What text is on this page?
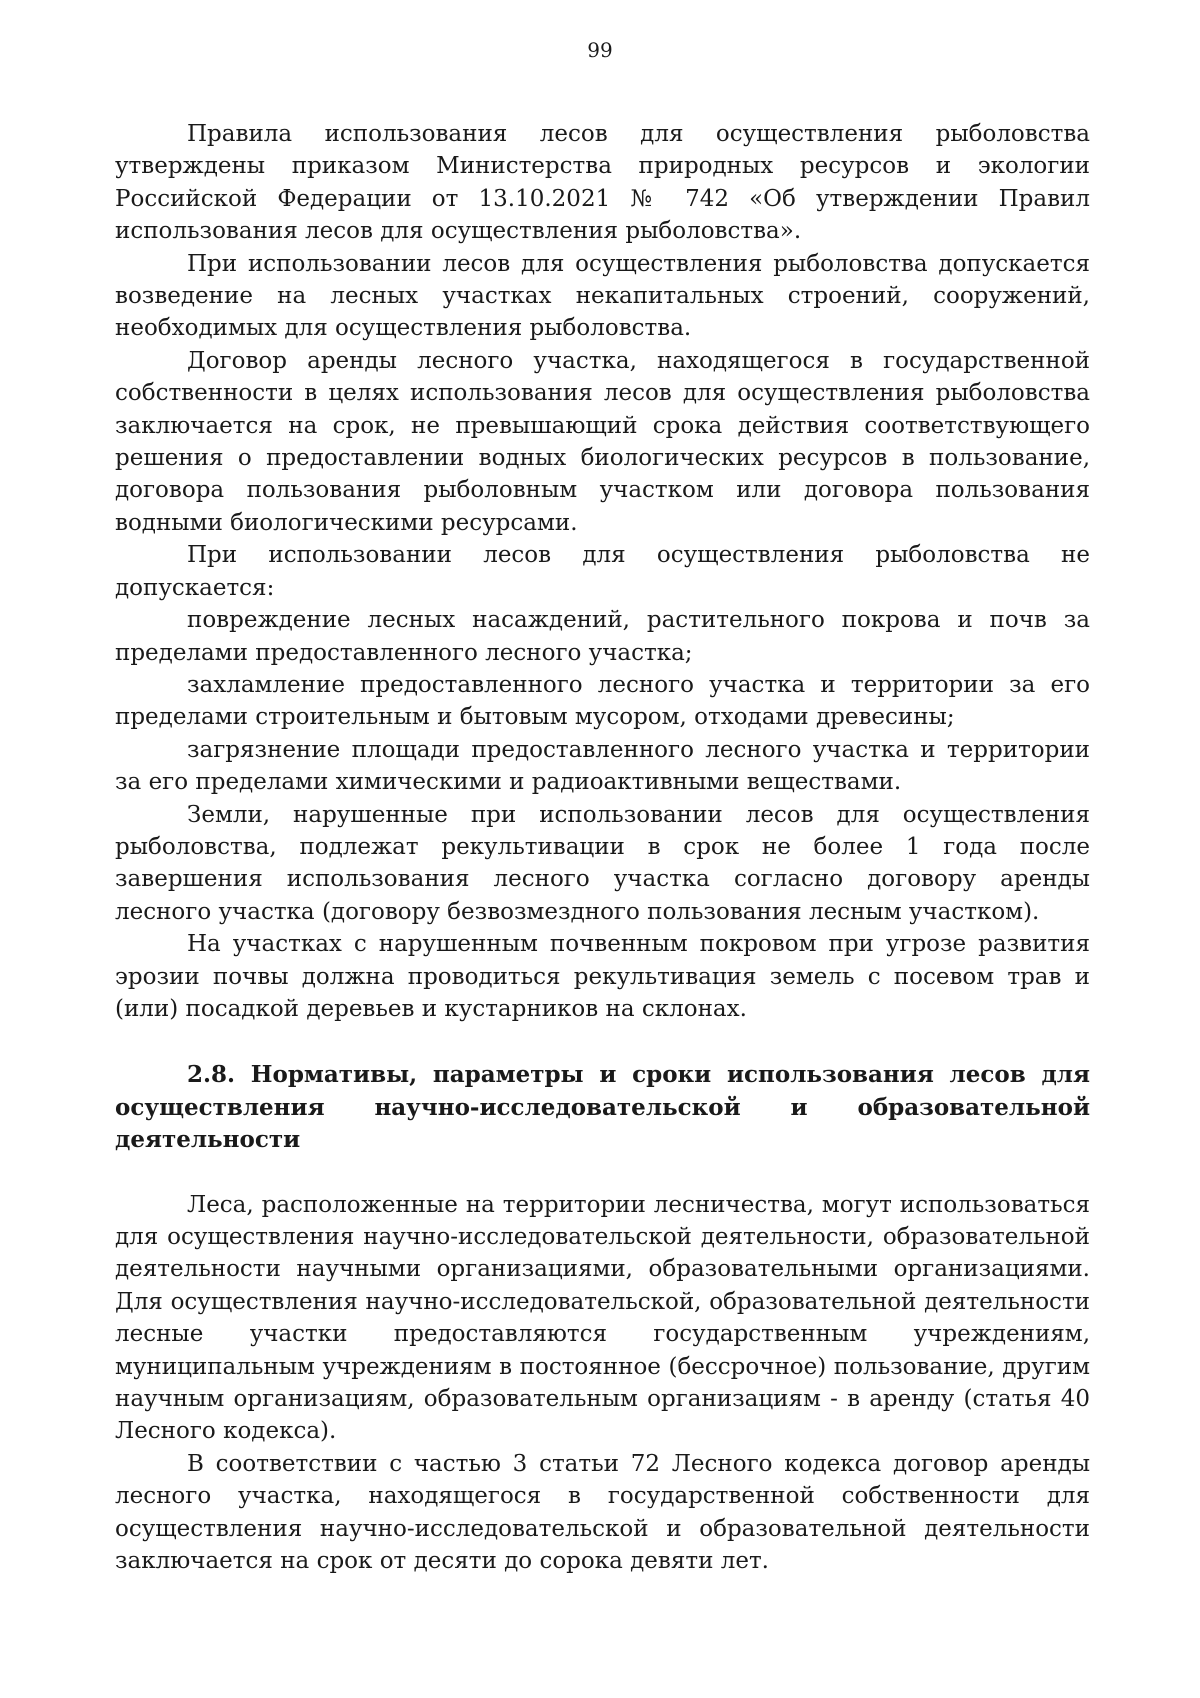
99

Правила использования лесов для осуществления рыболовства утверждены приказом Министерства природных ресурсов и экологии Российской Федерации от 13.10.2021 № 742 «Об утверждении Правил использования лесов для осуществления рыболовства».

При использовании лесов для осуществления рыболовства допускается возведение на лесных участках некапитальных строений, сооружений, необходимых для осуществления рыболовства.

Договор аренды лесного участка, находящегося в государственной собственности в целях использования лесов для осуществления рыболовства заключается на срок, не превышающий срока действия соответствующего решения о предоставлении водных биологических ресурсов в пользование, договора пользования рыболовным участком или договора пользования водными биологическими ресурсами.

При использовании лесов для осуществления рыболовства не допускается:

повреждение лесных насаждений, растительного покрова и почв за пределами предоставленного лесного участка;

захламление предоставленного лесного участка и территории за его пределами строительным и бытовым мусором, отходами древесины;

загрязнение площади предоставленного лесного участка и территории за его пределами химическими и радиоактивными веществами.

Земли, нарушенные при использовании лесов для осуществления рыболовства, подлежат рекультивации в срок не более 1 года после завершения использования лесного участка согласно договору аренды лесного участка (договору безвозмездного пользования лесным участком).

На участках с нарушенным почвенным покровом при угрозе развития эрозии почвы должна проводиться рекультивация земель с посевом трав и (или) посадкой деревьев и кустарников на склонах.

2.8. Нормативы, параметры и сроки использования лесов для осуществления научно-исследовательской и образовательной деятельности

Леса, расположенные на территории лесничества, могут использоваться для осуществления научно-исследовательской деятельности, образовательной деятельности научными организациями, образовательными организациями. Для осуществления научно-исследовательской, образовательной деятельности лесные участки предоставляются государственным учреждениям, муниципальным учреждениям в постоянное (бессрочное) пользование, другим научным организациям, образовательным организациям - в аренду (статья 40 Лесного кодекса).

В соответствии с частью 3 статьи 72 Лесного кодекса договор аренды лесного участка, находящегося в государственной собственности для осуществления научно-исследовательской и образовательной деятельности заключается на срок от десяти до сорока девяти лет.
